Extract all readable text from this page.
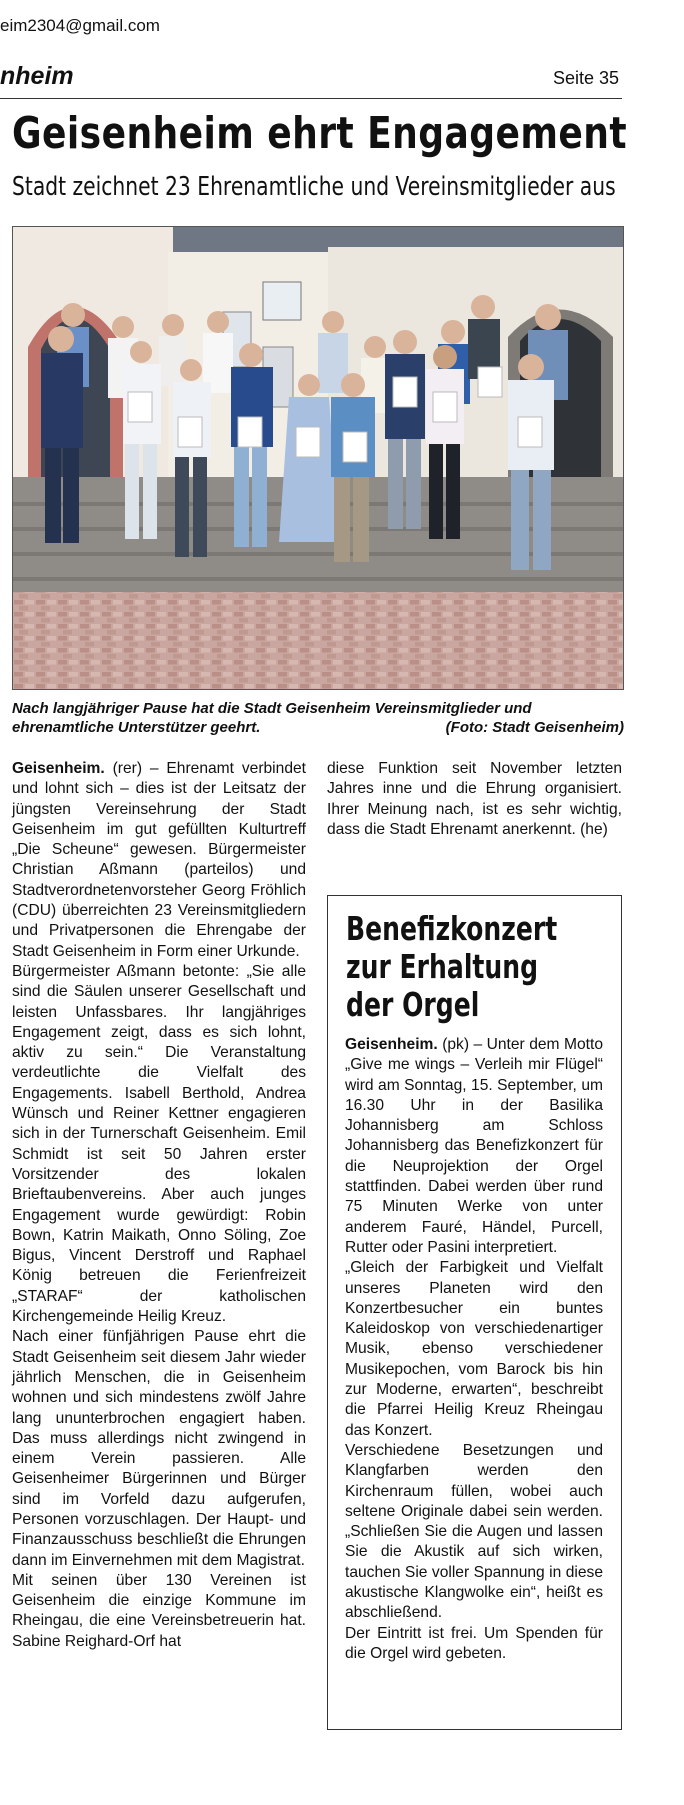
eim2304@gmail.com
nheim	Seite 35
Geisenheim ehrt Engagement
Stadt zeichnet 23 Ehrenamtliche und Vereinsmitglieder aus
Nach langjähriger Pause hat die Stadt Geisenheim Vereinsmitglieder und ehrenamtliche Unterstützer geehrt.	(Foto: Stadt Geisenheim)

Geisenheim. (rer) – Ehrenamt verbindet und lohnt sich – dies ist der Leitsatz der jüngsten Vereinsehrung der Stadt Geisenheim im gut gefüllten Kulturtreff „Die Scheune“ gewesen. Bürgermeister Christian Aßmann (parteilos) und Stadtverordnetenvorsteher Georg Fröhlich (CDU) überreichten 23 Vereinsmitgliedern und Privatpersonen die Ehrengabe der Stadt Geisenheim in Form einer Urkunde.

Bürgermeister Aßmann betonte: „Sie alle sind die Säulen unserer Gesellschaft und leisten Unfassbares. Ihr langjähriges Engagement zeigt, dass es sich lohnt, aktiv zu sein.“ Die Veranstaltung verdeutlichte die Vielfalt des Engagements. Isabell Berthold, Andrea Wünsch und Reiner Kettner engagieren sich in der Turnerschaft Geisenheim. Emil Schmidt ist seit 50 Jahren erster Vorsitzender des lokalen Brieftaubenvereins. Aber auch junges Engagement wurde gewürdigt: Robin Bown, Katrin Maikath, Onno Söling, Zoe Bigus, Vincent Derstroff und Raphael König betreuen die Ferienfreizeit „STARAF“ der katholischen Kirchengemeinde Heilig Kreuz.

Nach einer fünfjährigen Pause ehrt die Stadt Geisenheim seit diesem Jahr wieder jährlich Menschen, die in Geisenheim wohnen und sich mindestens zwölf Jahre lang ununterbrochen engagiert haben. Das muss allerdings nicht zwingend in einem Verein passieren. Alle Geisenheimer Bürgerinnen und Bürger sind im Vorfeld dazu aufgerufen, Personen vorzuschlagen. Der Haupt- und Finanzausschuss beschließt die Ehrungen dann im Einvernehmen mit dem Magistrat.

Mit seinen über 130 Vereinen ist Geisenheim die einzige Kommune im Rheingau, die eine Vereinsbetreuerin hat. Sabine Reighard-Orf hat

diese Funktion seit November letzten Jahres inne und die Ehrung organisiert. Ihrer Meinung nach, ist es sehr wichtig, dass die Stadt Ehrenamt anerkennt. (he)

Benefizkonzert
zur Erhaltung
der Orgel

Geisenheim. (pk) – Unter dem Motto „Give me wings – Verleih mir Flügel“ wird am Sonntag, 15. September, um 16.30 Uhr in der Basilika Johannisberg am Schloss Johannisberg das Benefizkonzert für die Neuprojektion der Orgel stattfinden. Dabei werden über rund 75 Minuten Werke von unter anderem Fauré, Händel, Purcell, Rutter oder Pasini interpretiert.

„Gleich der Farbigkeit und Vielfalt unseres Planeten wird den Konzertbesucher ein buntes Kaleidoskop von verschiedenartiger Musik, ebenso verschiedener Musikepochen, vom Barock bis hin zur Moderne, erwarten“, beschreibt die Pfarrei Heilig Kreuz Rheingau das Konzert.

Verschiedene Besetzungen und Klangfarben werden den Kirchenraum füllen, wobei auch seltene Originale dabei sein werden. „Schließen Sie die Augen und lassen Sie die Akustik auf sich wirken, tauchen Sie voller Spannung in diese akustische Klangwolke ein“, heißt es abschließend.

Der Eintritt ist frei. Um Spenden für die Orgel wird gebeten.
